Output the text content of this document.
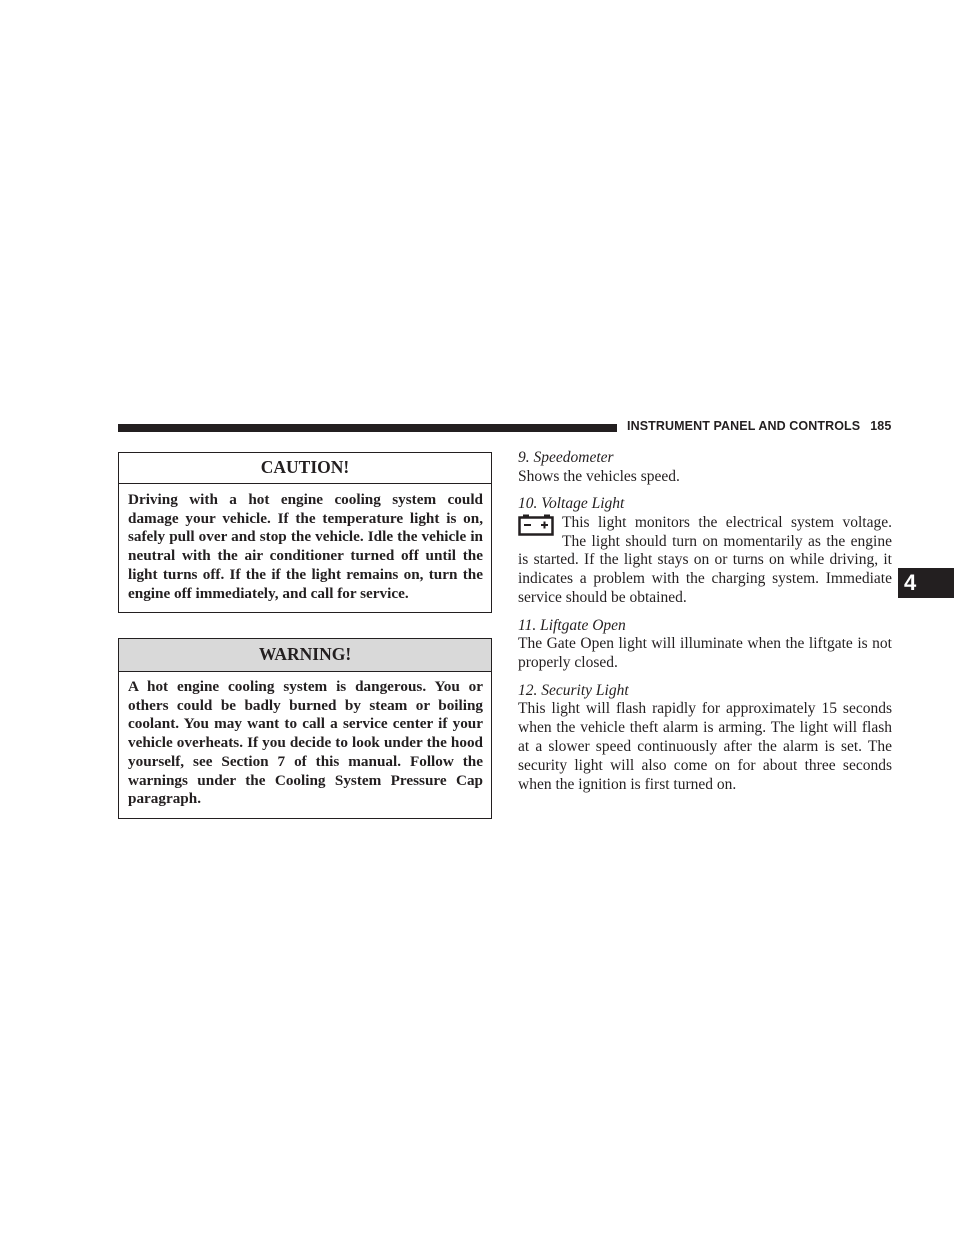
INSTRUMENT PANEL AND CONTROLS 185
4
CAUTION!
Driving with a hot engine cooling system could damage your vehicle. If the temperature light is on, safely pull over and stop the vehicle. Idle the vehicle in neutral with the air conditioner turned off until the light turns off. If the if the light remains on, turn the engine off immediately, and call for service.
WARNING!
A hot engine cooling system is dangerous. You or others could be badly burned by steam or boiling coolant. You may want to call a service center if your vehicle overheats. If you decide to look under the hood yourself, see Section 7 of this manual. Follow the warnings under the Cooling System Pressure Cap paragraph.
9. Speedometer

Shows the vehicles speed.

10. Voltage Light

This light monitors the electrical system voltage. The light should turn on momentarily as the engine is started. If the light stays on or turns on while driving, it indicates a problem with the charging system. Immediate service should be obtained.

11. Liftgate Open

The Gate Open light will illuminate when the liftgate is not properly closed.

12. Security Light

This light will flash rapidly for approximately 15 seconds when the vehicle theft alarm is arming. The light will flash at a slower speed continuously after the alarm is set. The security light will also come on for about three seconds when the ignition is first turned on.
